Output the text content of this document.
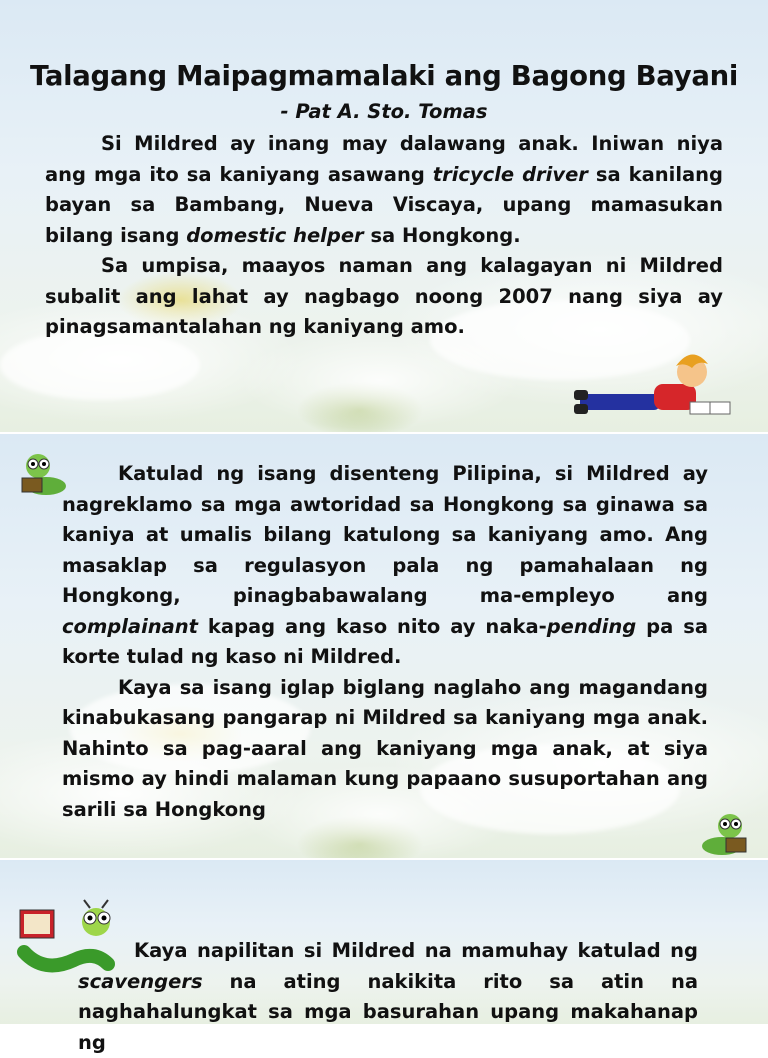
Talagang Maipagmamalaki ang Bagong Bayani
- Pat A. Sto. Tomas

Si Mildred ay inang may dalawang anak. Iniwan niya ang mga ito sa kaniyang asawang tricycle driver sa kanilang bayan sa Bambang, Nueva Viscaya, upang mamasukan bilang isang domestic helper sa Hongkong.

Sa umpisa, maayos naman ang kalagayan ni Mildred subalit ang lahat ay nagbago noong 2007 nang siya ay pinagsamantalahan ng kaniyang amo.

Katulad ng isang disenteng Pilipina, si Mildred ay nagreklamo sa mga awtoridad sa Hongkong sa ginawa sa kaniya at umalis bilang katulong sa kaniyang amo. Ang masaklap sa regulasyon pala ng pamahalaan ng Hongkong, pinagbabawalang ma-empleyo ang complainant kapag ang kaso nito ay naka-pending pa sa korte tulad ng kaso ni Mildred.

Kaya sa isang iglap biglang naglaho ang magandang kinabukasang pangarap ni Mildred sa kaniyang mga anak. Nahinto sa pag-aaral ang kaniyang mga anak, at siya mismo ay hindi malaman kung papaano susuportahan ang sarili sa Hongkong

Kaya napilitan si Mildred na mamuhay katulad ng scavengers na ating nakikita rito sa atin na naghahalungkat sa mga basurahan upang makahanap ng
